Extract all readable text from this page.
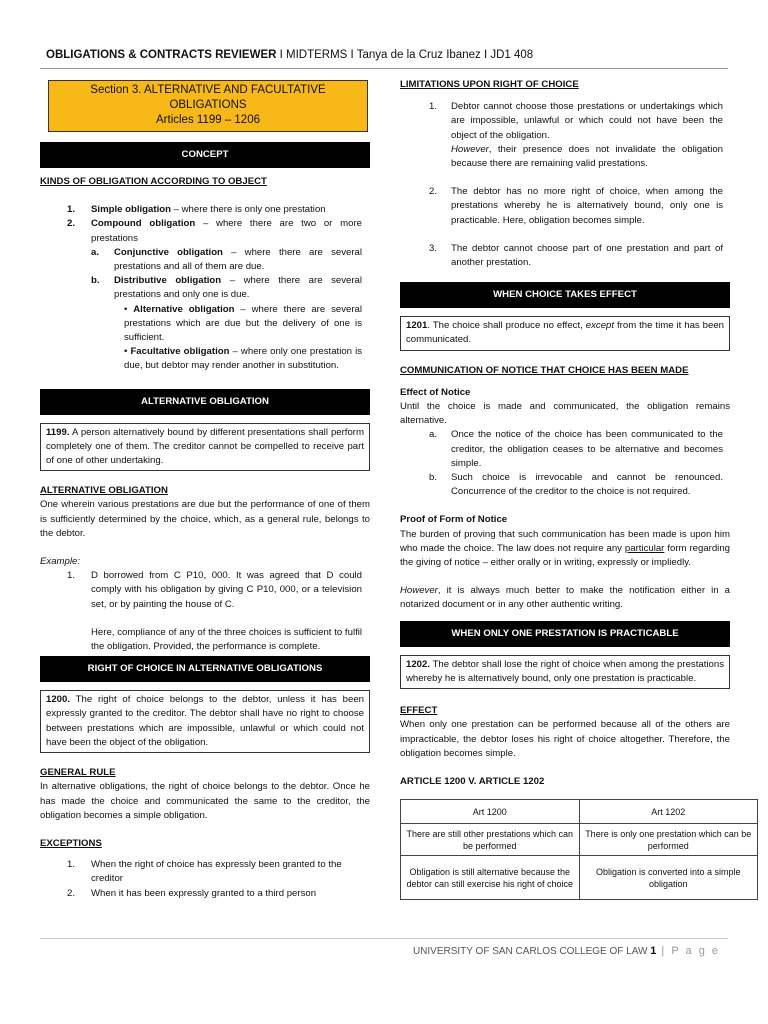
OBLIGATIONS & CONTRACTS REVIEWER I MIDTERMS I Tanya de la Cruz Ibanez I JD1 408
Section 3. ALTERNATIVE AND FACULTATIVE OBLIGATIONS
Articles 1199 – 1206
CONCEPT
KINDS OF OBLIGATION ACCORDING TO OBJECT
1.	Simple obligation – where there is only one prestation
2.	Compound obligation – where there are two or more prestations
a.	Conjunctive obligation – where there are several prestations and all of them are due.
b.	Distributive obligation – where there are several prestations and only one is due.
• Alternative obligation – where there are several prestations which are due but the delivery of one is sufficient.
• Facultative obligation – where only one prestation is due, but debtor may render another in substitution.
ALTERNATIVE OBLIGATION
1199. A person alternatively bound by different presentations shall perform completely one of them. The creditor cannot be compelled to receive part of one of other undertaking.
ALTERNATIVE OBLIGATION
One wherein various prestations are due but the performance of one of them is sufficiently determined by the choice, which, as a general rule, belongs to the debtor.
Example:
1.	D borrowed from C P10, 000. It was agreed that D could comply with his obligation by giving C P10, 000, or a television set, or by painting the house of C.
Here, compliance of any of the three choices is sufficient to fulfil the obligation. Provided, the performance is complete.
RIGHT OF CHOICE IN ALTERNATIVE OBLIGATIONS
1200. The right of choice belongs to the debtor, unless it has been expressly granted to the creditor. The debtor shall have no right to choose between prestations which are impossible, unlawful or which could not have been the object of the obligation.
GENERAL RULE
In alternative obligations, the right of choice belongs to the debtor. Once he has made the choice and communicated the same to the creditor, the obligation becomes a simple obligation.
EXCEPTIONS
1.	When the right of choice has expressly been granted to the creditor
2.	When it has been expressly granted to a third person
LIMITATIONS UPON RIGHT OF CHOICE
1.	Debtor cannot choose those prestations or undertakings which are impossible, unlawful or which could not have been the object of the obligation.
However, their presence does not invalidate the obligation because there are remaining valid prestations.
2.	The debtor has no more right of choice, when among the prestations whereby he is alternatively bound, only one is practicable. Here, obligation becomes simple.
3.	The debtor cannot choose part of one prestation and part of another prestation.
WHEN CHOICE TAKES EFFECT
1201. The choice shall produce no effect, except from the time it has been communicated.
COMMUNICATION OF NOTICE THAT CHOICE HAS BEEN MADE
Effect of Notice
Until the choice is made and communicated, the obligation remains alternative.
a.	Once the notice of the choice has been communicated to the creditor, the obligation ceases to be alternative and becomes simple.
b.	Such choice is irrevocable and cannot be renounced. Concurrence of the creditor to the choice is not required.
Proof of Form of Notice
The burden of proving that such communication has been made is upon him who made the choice. The law does not require any particular form regarding the giving of notice – either orally or in writing, expressly or impliedly.
However, it is always much better to make the notification either in a notarized document or in any other authentic writing.
WHEN ONLY ONE PRESTATION IS PRACTICABLE
1202. The debtor shall lose the right of choice when among the prestations whereby he is alternatively bound, only one prestation is practicable.
EFFECT
When only one prestation can be performed because all of the others are impracticable, the debtor loses his right of choice altogether. Therefore, the obligation becomes simple.
ARTICLE 1200 V. ARTICLE 1202
Art 1200	Art 1202
There are still other prestations which can be performed	There is only one prestation which can be performed
Obligation is still alternative because the debtor can still exercise his right of choice	Obligation is converted into a simple obligation
UNIVERSITY OF SAN CARLOS COLLEGE OF LAW 1 | P a g e
